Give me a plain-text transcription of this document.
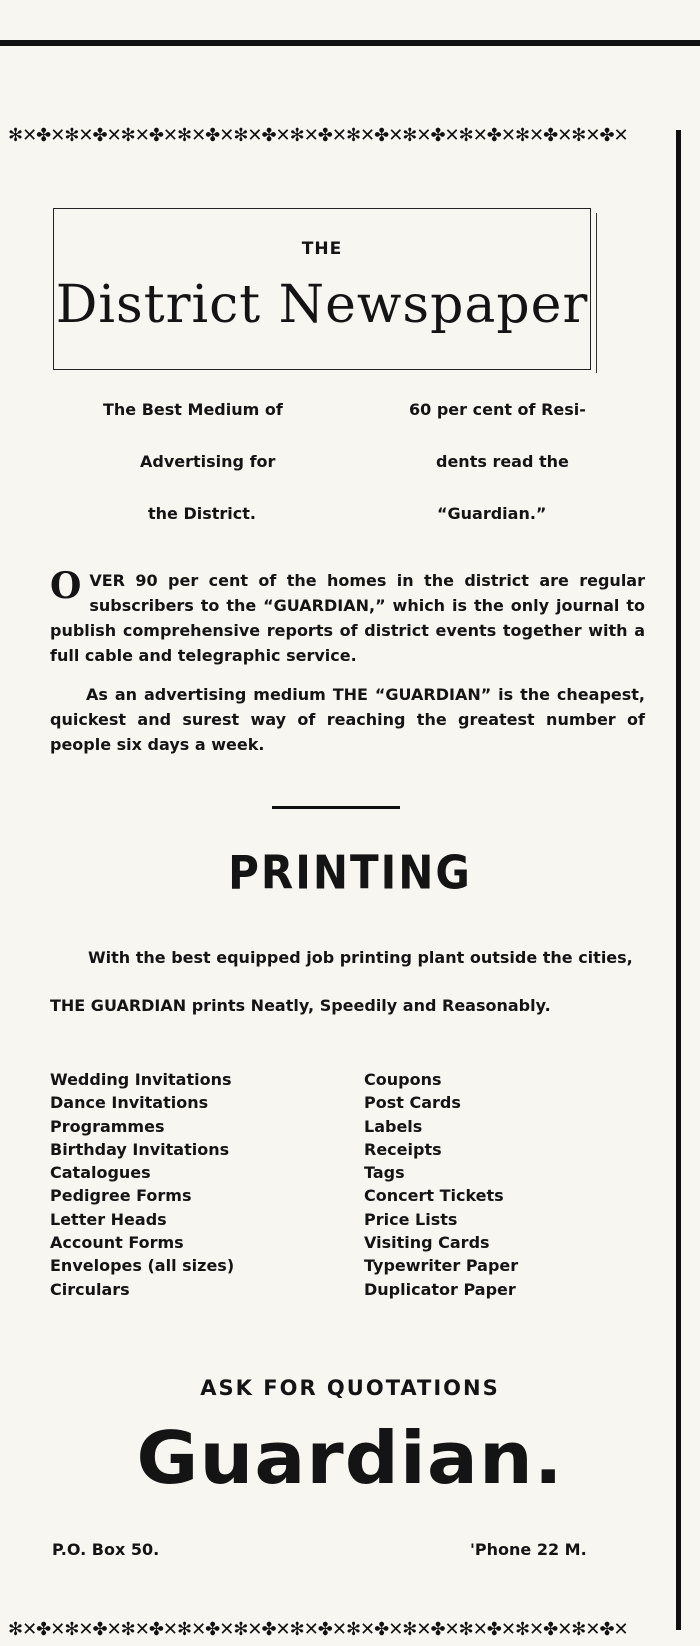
✻✕✤✕✻✕✤✕✻✕✤✕✻✕✤✕✻✕✤✕✻✕✤✕✻✕✤✕✻✕✤✕✻✕✤✕✻✕✤✕✻✕✤✕
THE
District Newspaper
The Best Medium of
Advertising for
the District.
60 per cent of Resi-
dents read the
“Guardian.”

OVER 90 per cent of the homes in the district are regular subscribers to the “GUARDIAN,” which is the only journal to publish comprehensive reports of district events together with a full cable and telegraphic service.

As an advertising medium THE “GUARDIAN” is the cheapest, quickest and surest way of reaching the greatest number of people six days a week.

PRINTING
With the best equipped job printing plant outside the cities,
THE GUARDIAN prints Neatly, Speedily and Reasonably.
Wedding Invitations
Dance Invitations
Programmes
Birthday Invitations
Catalogues
Pedigree Forms
Letter Heads
Account Forms
Envelopes (all sizes)
Circulars
Coupons
Post Cards
Labels
Receipts
Tags
Concert Tickets
Price Lists
Visiting Cards
Typewriter Paper
Duplicator Paper
ASK FOR QUOTATIONS
Guardian.
P.O. Box 50.	'Phone 22 M.
✻✕✤✕✻✕✤✕✻✕✤✕✻✕✤✕✻✕✤✕✻✕✤✕✻✕✤✕✻✕✤✕✻✕✤✕✻✕✤✕✻✕✤✕
